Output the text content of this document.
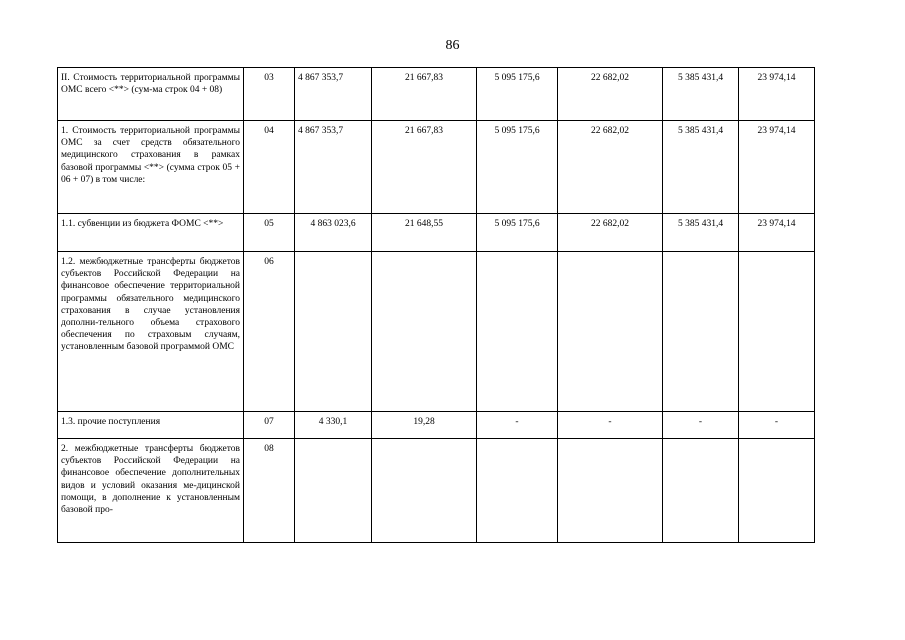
86
II. Стоимость территориальной программы ОМС всего <**> (сум-ма строк 04 + 08)	03	4 867 353,7	21 667,83	5 095 175,6	22 682,02	5 385 431,4	23 974,14
1. Стоимость территориальной программы ОМС за счет средств обязательного медицинского страхования в рамках базовой программы <**> (сумма строк 05 + 06 + 07) в том числе:	04	4 867 353,7	21 667,83	5 095 175,6	22 682,02	5 385 431,4	23 974,14
1.1. субвенции из бюджета ФОМС <**>	05	4 863 023,6	21 648,55	5 095 175,6	22 682,02	5 385 431,4	23 974,14
1.2. межбюджетные трансферты бюджетов субъектов Российской Федерации на финансовое обеспечение территориальной программы обязательного медицинского страхования в случае установления дополни-тельного объема страхового обеспечения по страховым случаям, установленным базовой программой ОМС	06						
1.3. прочие поступления	07	4 330,1	19,28	-	-	-	-
2. межбюджетные трансферты бюджетов субъектов Российской Федерации на финансовое обеспечение дополнительных видов и условий оказания ме-дицинской помощи, в дополнение к установленным базовой про-	08						
